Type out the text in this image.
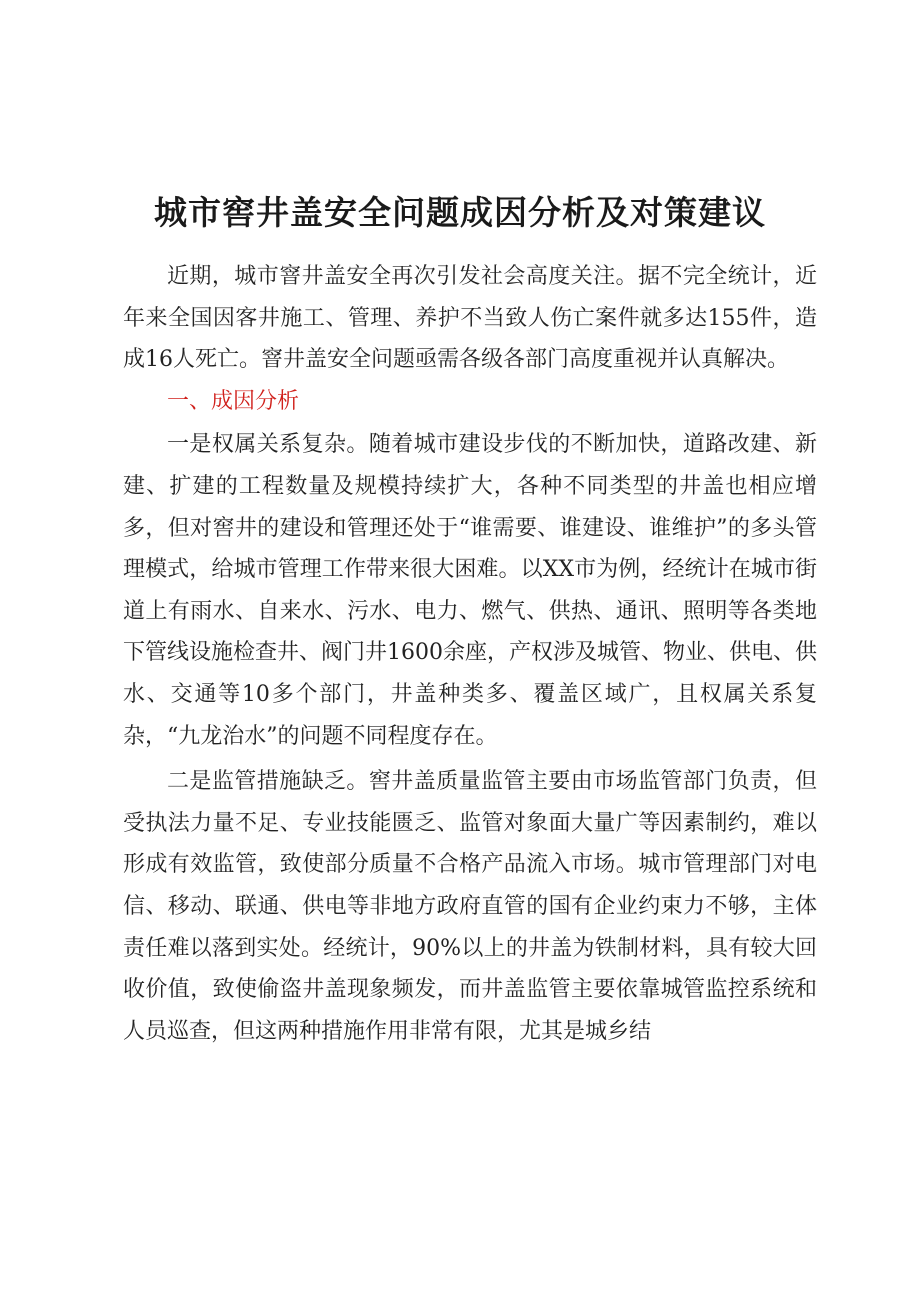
城市窖井盖安全问题成因分析及对策建议

近期，城市窨井盖安全再次引发社会高度关注。据不完全统计，近年来全国因客井施工、管理、养护不当致人伤亡案件就多达155件，造成16人死亡。窨井盖安全问题亟需各级各部门高度重视并认真解决。

一、成因分析

一是权属关系复杂。随着城市建设步伐的不断加快，道路改建、新建、扩建的工程数量及规模持续扩大，各种不同类型的井盖也相应增多，但对窖井的建设和管理还处于“谁需要、谁建设、谁维护”的多头管理模式，给城市管理工作带来很大困难。以XX市为例，经统计在城市街道上有雨水、自来水、污水、电力、燃气、供热、通讯、照明等各类地下管线设施检查井、阀门井1600余座，产权涉及城管、物业、供电、供水、交通等10多个部门，井盖种类多、覆盖区域广，且权属关系复杂，“九龙治水”的问题不同程度存在。

二是监管措施缺乏。窖井盖质量监管主要由市场监管部门负责，但受执法力量不足、专业技能匮乏、监管对象面大量广等因素制约，难以形成有效监管，致使部分质量不合格产品流入市场。城市管理部门对电信、移动、联通、供电等非地方政府直管的国有企业约束力不够，主体责任难以落到实处。经统计，90%以上的井盖为铁制材料，具有较大回收价值，致使偷盗井盖现象频发，而井盖监管主要依靠城管监控系统和人员巡查，但这两种措施作用非常有限，尤其是城乡结
